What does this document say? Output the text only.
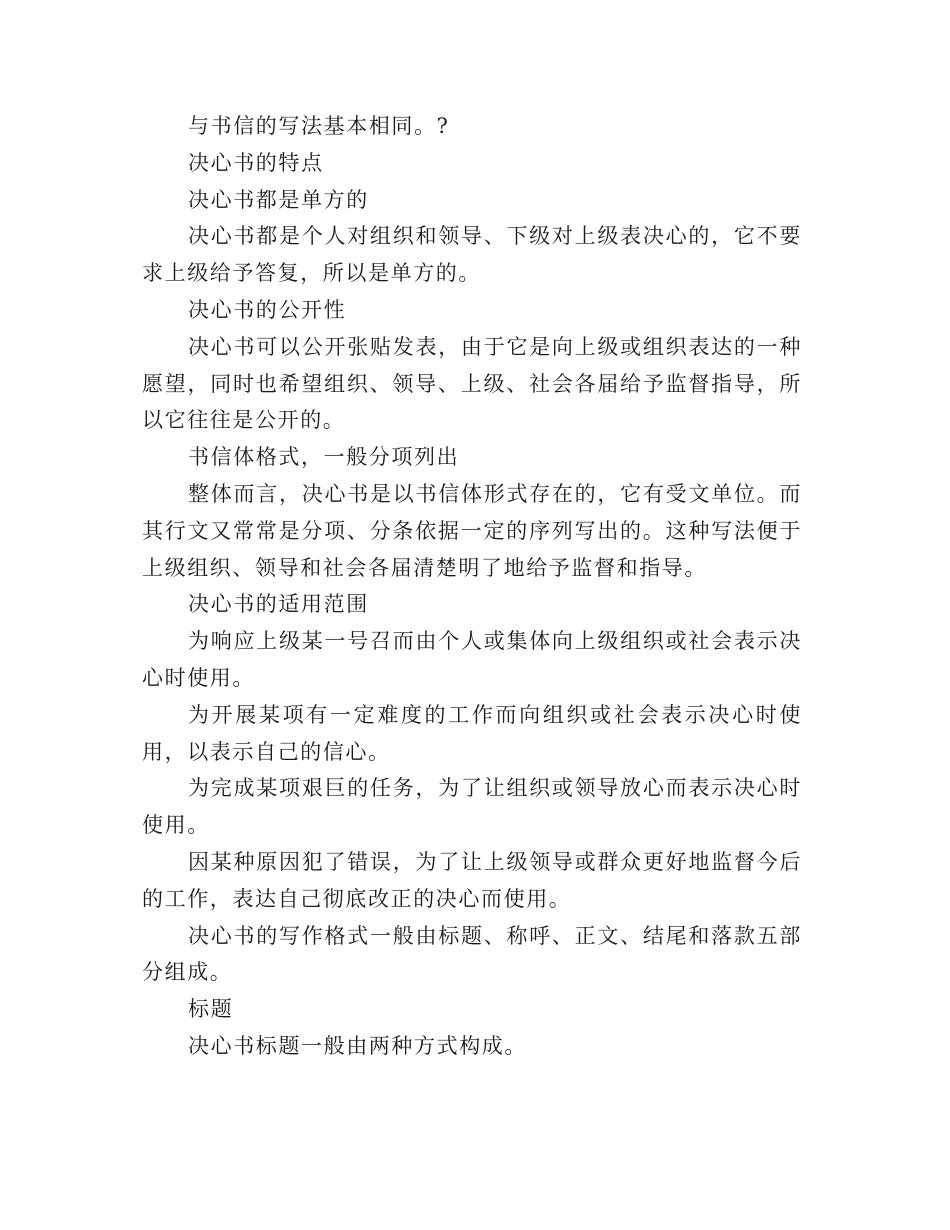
与书信的写法基本相同。?

决心书的特点

决心书都是单方的

决心书都是个人对组织和领导、下级对上级表决心的，它不要求上级给予答复，所以是单方的。

决心书的公开性

决心书可以公开张贴发表，由于它是向上级或组织表达的一种愿望，同时也希望组织、领导、上级、社会各届给予监督指导，所以它往往是公开的。

书信体格式，一般分项列出

整体而言，决心书是以书信体形式存在的，它有受文单位。而其行文又常常是分项、分条依据一定的序列写出的。这种写法便于上级组织、领导和社会各届清楚明了地给予监督和指导。

决心书的适用范围

为响应上级某一号召而由个人或集体向上级组织或社会表示决心时使用。

为开展某项有一定难度的工作而向组织或社会表示决心时使用，以表示自己的信心。

为完成某项艰巨的任务，为了让组织或领导放心而表示决心时使用。

因某种原因犯了错误，为了让上级领导或群众更好地监督今后的工作，表达自己彻底改正的决心而使用。

决心书的写作格式一般由标题、称呼、正文、结尾和落款五部分组成。

标题

决心书标题一般由两种方式构成。
